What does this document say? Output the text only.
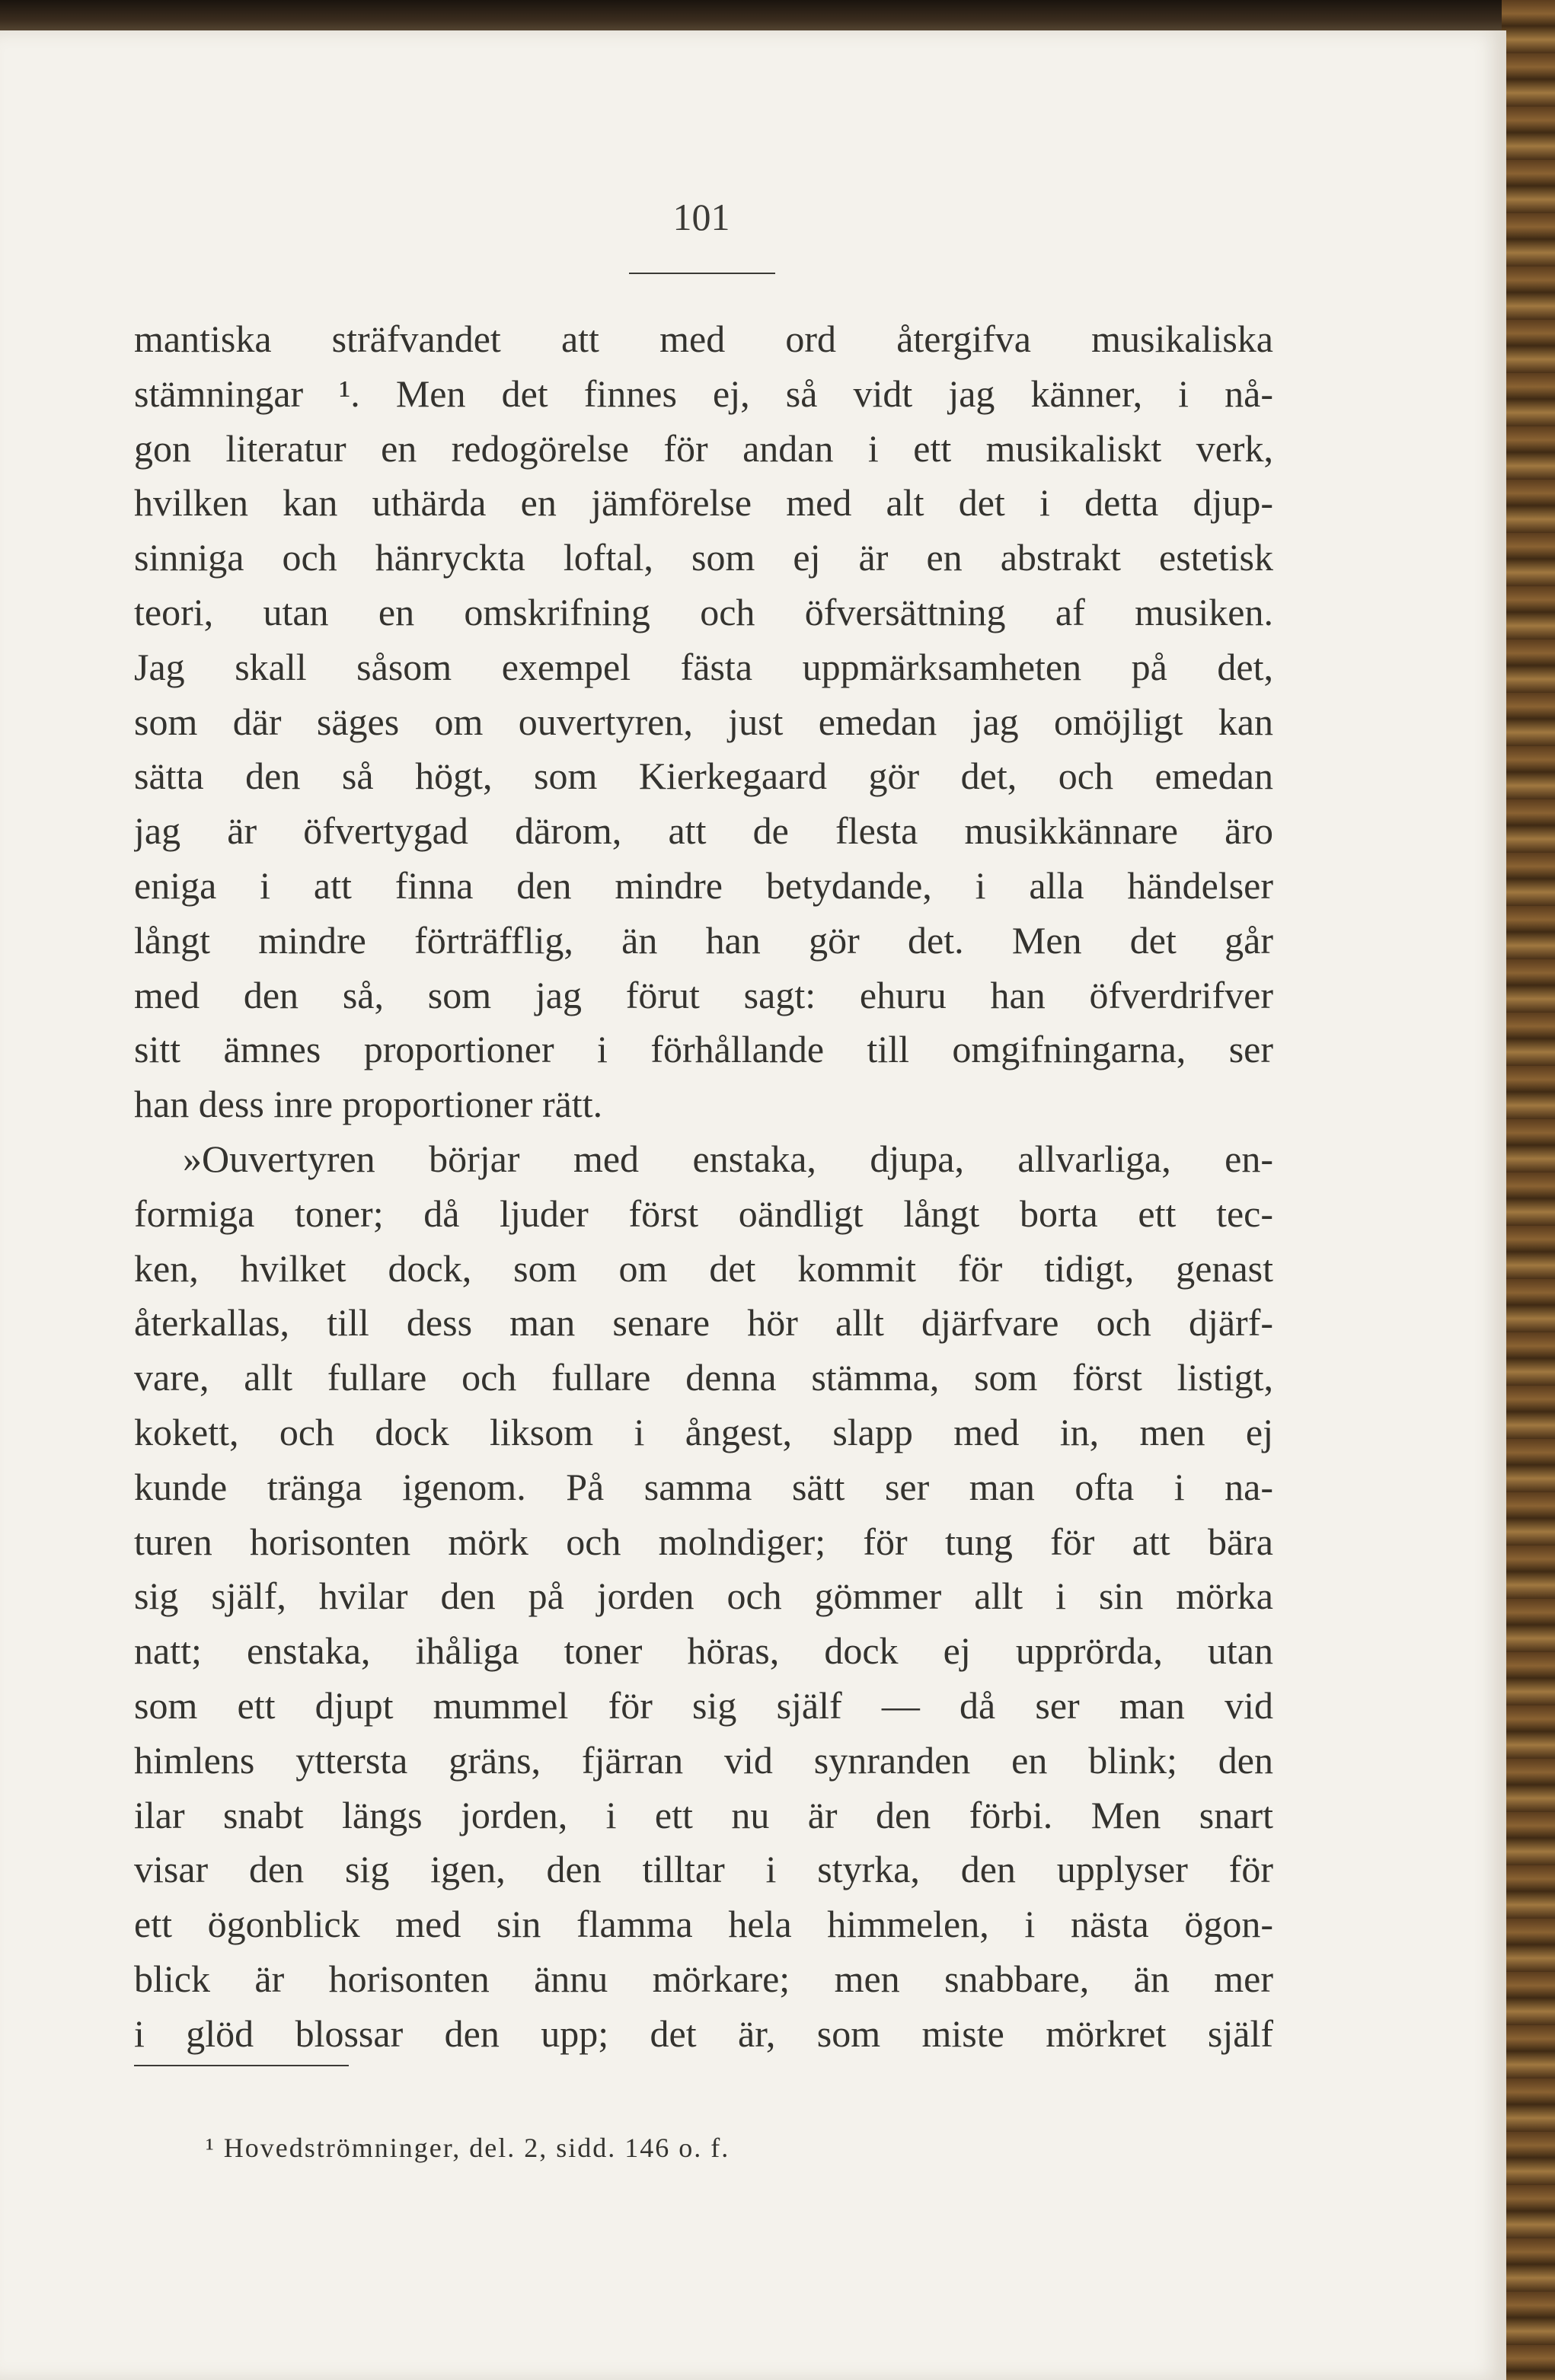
101
mantiska sträfvandet att med ord återgifva musikaliska
stämningar ¹. Men det finnes ej, så vidt jag känner, i nå-
gon literatur en redogörelse för andan i ett musikaliskt verk,
hvilken kan uthärda en jämförelse med alt det i detta djup-
sinniga och hänryckta loftal, som ej är en abstrakt estetisk
teori, utan en omskrifning och öfversättning af musiken.
Jag skall såsom exempel fästa uppmärksamheten på det,
som där säges om ouvertyren, just emedan jag omöjligt kan
sätta den så högt, som Kierkegaard gör det, och emedan
jag är öfvertygad därom, att de flesta musikkännare äro
eniga i att finna den mindre betydande, i alla händelser
långt mindre förträfflig, än han gör det. Men det går
med den så, som jag förut sagt: ehuru han öfverdrifver
sitt ämnes proportioner i förhållande till omgifningarna, ser
han dess inre proportioner rätt.
»Ouvertyren börjar med enstaka, djupa, allvarliga, en-
formiga toner; då ljuder först oändligt långt borta ett tec-
ken, hvilket dock, som om det kommit för tidigt, genast
återkallas, till dess man senare hör allt djärfvare och djärf-
vare, allt fullare och fullare denna stämma, som först listigt,
kokett, och dock liksom i ångest, slapp med in, men ej
kunde tränga igenom. På samma sätt ser man ofta i na-
turen horisonten mörk och molndiger; för tung för att bära
sig själf, hvilar den på jorden och gömmer allt i sin mörka
natt; enstaka, ihåliga toner höras, dock ej upprörda, utan
som ett djupt mummel för sig själf — då ser man vid
himlens yttersta gräns, fjärran vid synranden en blink; den
ilar snabt längs jorden, i ett nu är den förbi. Men snart
visar den sig igen, den tilltar i styrka, den upplyser för
ett ögonblick med sin flamma hela himmelen, i nästa ögon-
blick är horisonten ännu mörkare; men snabbare, än mer
i glöd blossar den upp; det är, som miste mörkret själf
¹ Hovedströmninger, del. 2, sidd. 146 o. f.
